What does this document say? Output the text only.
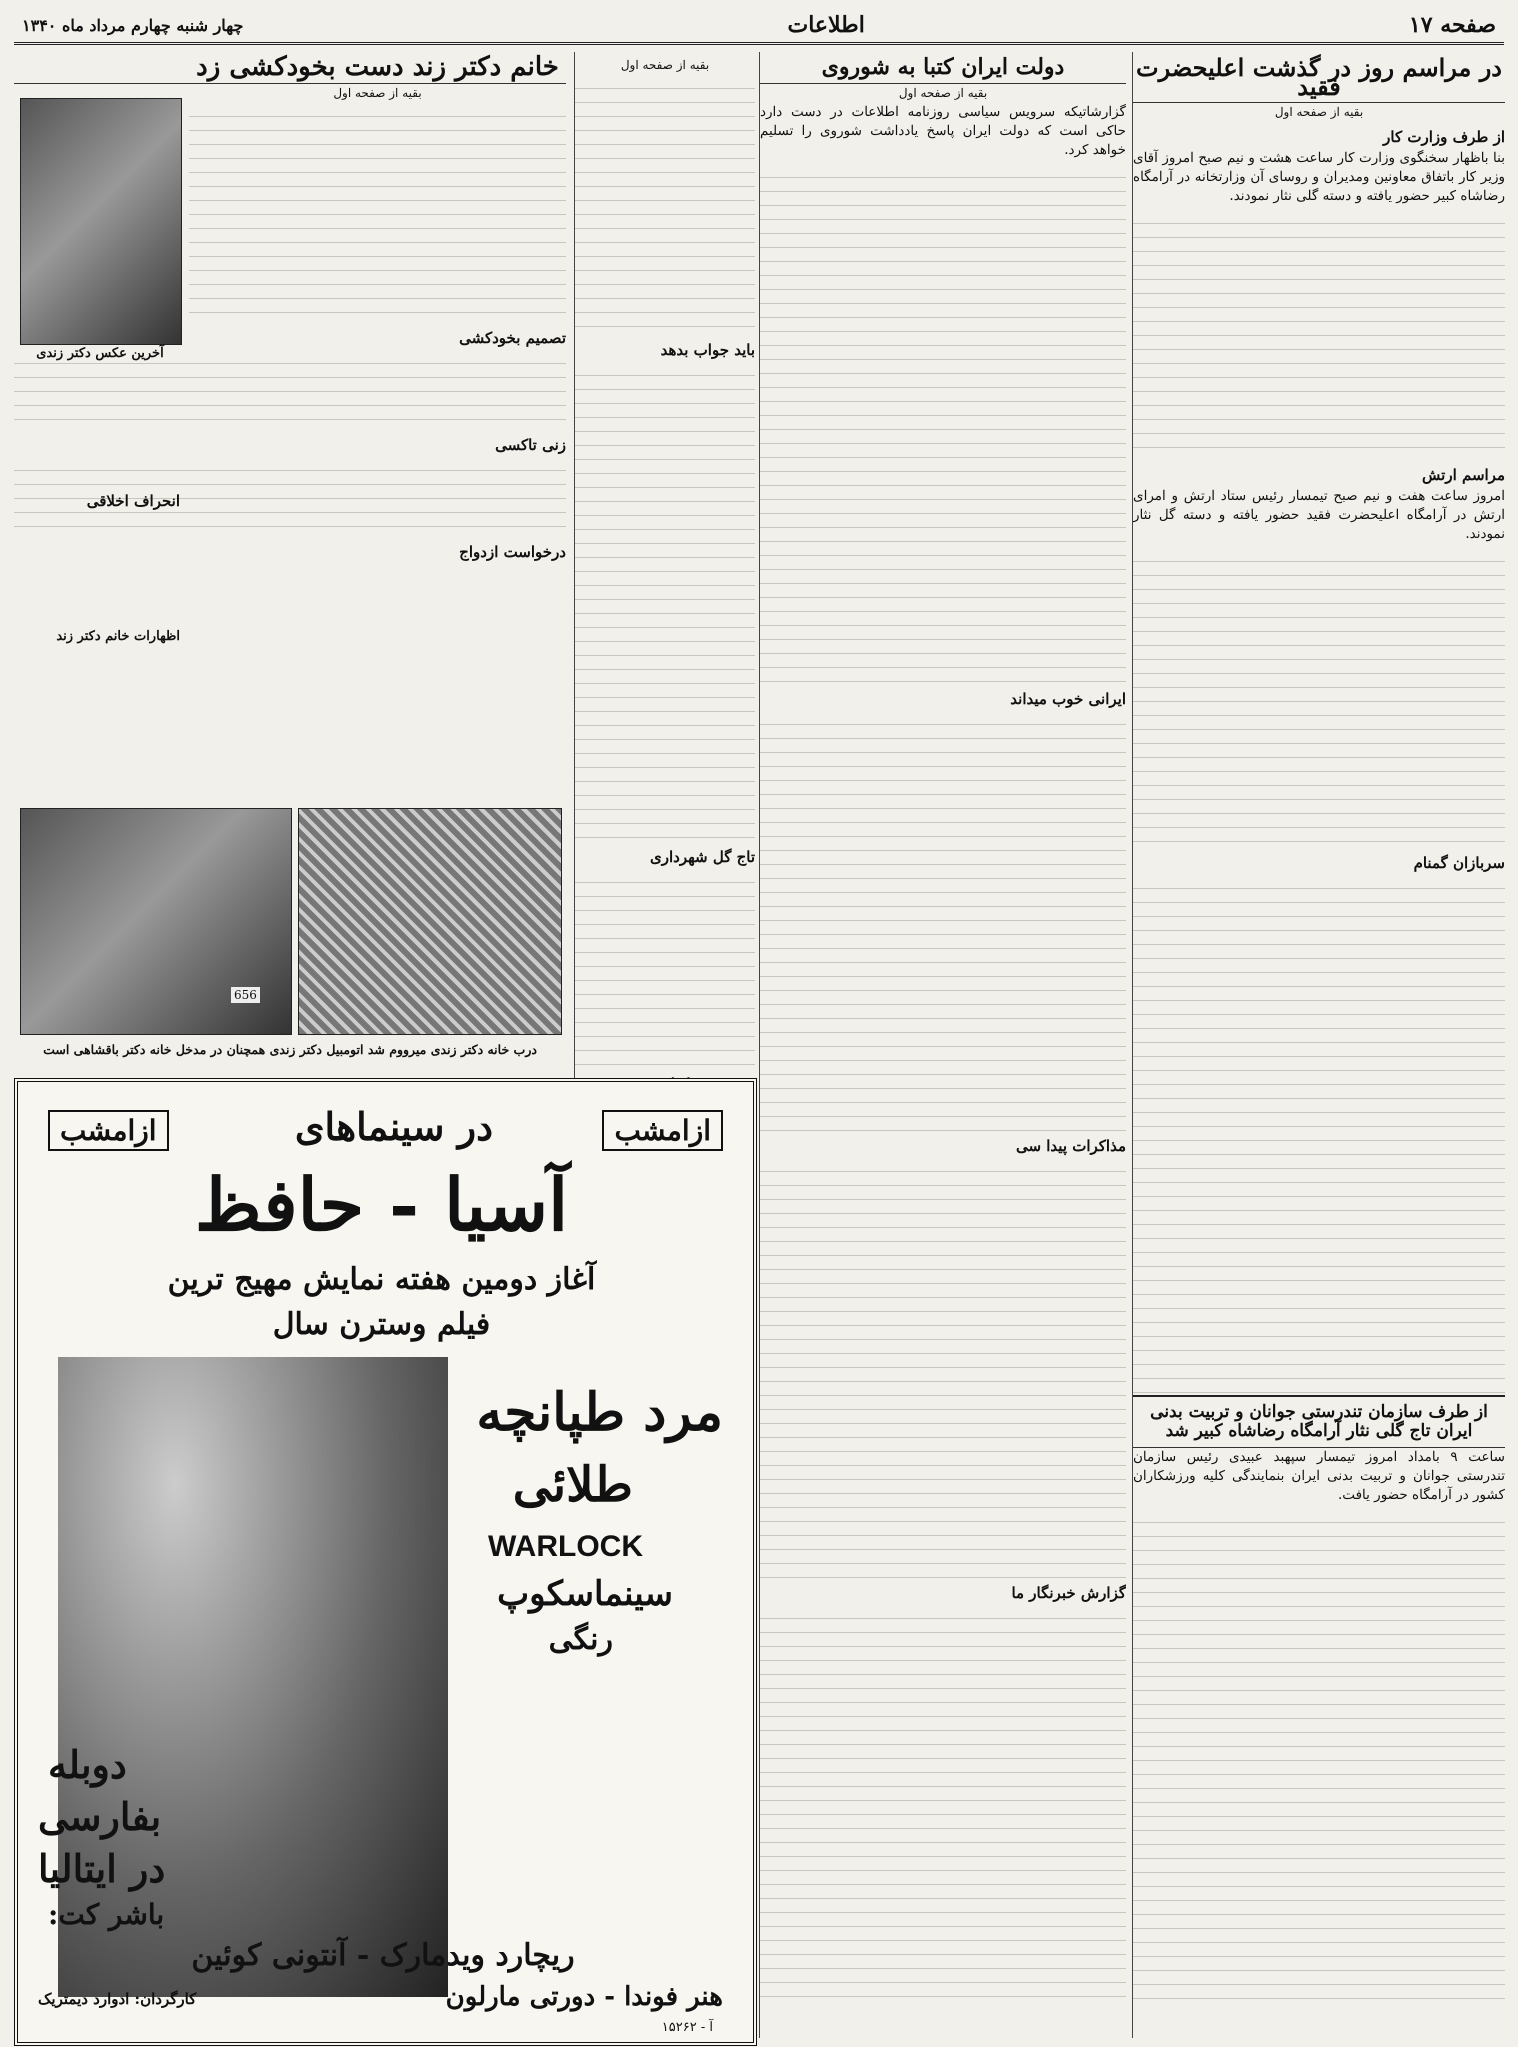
صفحه ۱۷
اطلاعات
چهار شنبه چهارم مرداد ماه ۱۳۴۰
در مراسم روز در گذشت اعلیحضرت فقید
بقیه از صفحه اول
از طرف وزارت کار

بنا باظهار سخنگوی وزارت کار ساعت هشت و نیم صبح امروز آقای وزیر کار باتفاق معاونین ومدیران و روسای آن وزارتخانه در آرامگاه رضاشاه کبیر حضور یافته و دسته گلی نثار نمودند.

مراسم ارتش

امروز ساعت هفت و نیم صبح تیمسار رئیس ستاد ارتش و امرای ارتش در آرامگاه اعلیحضرت فقید حضور یافته و دسته گل نثار نمودند.

سربازان گمنام
از طرف سازمان تندرستی جوانان و تربیت بدنی ایران تاج گلی نثار آرامگاه رضاشاه کبیر شد

ساعت ۹ بامداد امروز تیمسار سپهبد عبیدی رئیس سازمان تندرستی جوانان و تربیت بدنی ایران بنمایندگی کلیه ورزشکاران کشور در آرامگاه حضور یافت.

دولت ایران کتبا به شوروی
بقیه از صفحه اول

گزارشاتیکه سرویس سیاسی روزنامه اطلاعات در دست دارد حاکی است که دولت ایران پاسخ یادداشت شوروی را تسلیم خواهد کرد.

ایرانی خوب میداند
مذاکرات پیدا سی
گزارش خبرنگار ما
بقیه از صفحه اول
باید جواب بدهد
تاج گل شهرداری
خانم دکتر زند دست بخودکشی زد
بقیه از صفحه اول
تصمیم بخودکشی
زنی تاکسی
درخواست ازدواج
آخرین عکس دکتر زندی
انحراف اخلاقی
اظهارات خانم دکتر زند
656
درب خانه دکتر زندی میرووم شد اتومبیل دکتر زندی همچنان در مدخل خانه دکتر باقشاهی است
ازامشب
در سینماهای
ازامشب
آسیا - حافظ
آغاز دومین هفته نمایش مهیج ترین
فیلم وسترن سال
مرد طپانچه
طلائی
WARLOCK
سینماسکوپ
رنگی
دوبله
بفارسی
در ایتالیا
باشر کت:
ریچارد ویدمارک - آنتونی کوئین
هنر فوندا - دورتی مارلون
کارگردان: ادوارد دیمتریک
آ - ۱۵۲۶۲
